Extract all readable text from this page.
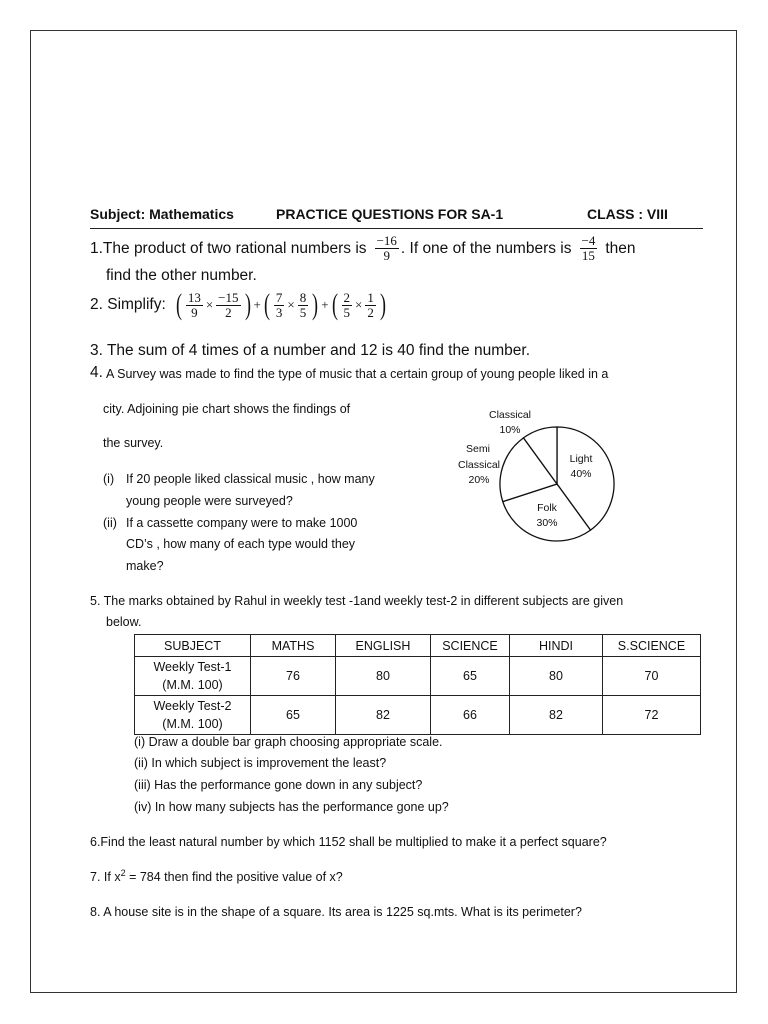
Subject: Mathematics	PRACTICE QUESTIONS FOR SA-1	CLASS : VIII
1.The product of two rational numbers is $\frac{-16}{9}$ . If one of the numbers is $\frac{-4}{15}$ then
find the other number.
2. Simplify: ( $\frac{13}{9} \times \frac{-15}{2}$ ) + ( $\frac{7}{3} \times \frac{8}{5}$ ) + ( $\frac{2}{5} \times \frac{1}{2}$ )
3. The sum of 4 times of a number and 12 is 40 find the number.
4. A Survey was made to find the type of music that a certain group of young people liked in a
city. Adjoining pie chart shows the findings of
the survey.
(i) If 20 people liked classical music , how many
young people were surveyed?
(ii) If a cassette company were to make 1000
CD’s , how many of each type would they
make?
Classical
10%
Semi
Classical
20%
Light
40%
Folk
30%
5. The marks obtained by Rahul in weekly test -1and weekly test-2 in different subjects are given
below.
SUBJECT	MATHS	ENGLISH	SCIENCE	HINDI	S.SCIENCE

Weekly Test-1
(M.M. 100)	76	80	65	80	70

Weekly Test-2
(M.M. 100)	65	82	66	82	72
(i) Draw a double bar graph choosing appropriate scale.
(ii) In which subject is improvement the least?
(iii) Has the performance gone down in any subject?
(iv) In how many subjects has the performance gone up?
6.Find the least natural number by which 1152 shall be multiplied to make it a perfect square?
7. If $x^2 = 784$ then find the positive value of x?
8. A house site is in the shape of a square. Its area is 1225 sq.mts. What is its perimeter?
